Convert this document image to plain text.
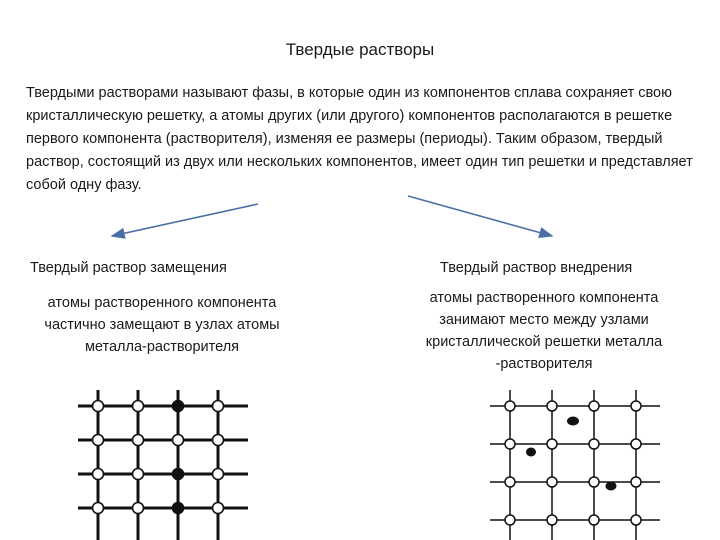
Твердые растворы

Твердыми растворами называют фазы, в которые один из компонентов сплава сохраняет свою кристаллическую решетку, а атомы других (или другого) компонентов располагаются в решетке первого компонента (растворителя), изменяя ее размеры (периоды). Таким образом, твердый раствор, состоящий из двух или нескольких компонентов, имеет один тип решетки и представляет собой одну фазу.

Твердый раствор замещения	Твердый раствор внедрения

атомы растворенного компонента частично замещают в узлах атомы металла-растворителя

атомы растворенного компонента занимают место между узлами кристаллической решетки металла -растворителя
